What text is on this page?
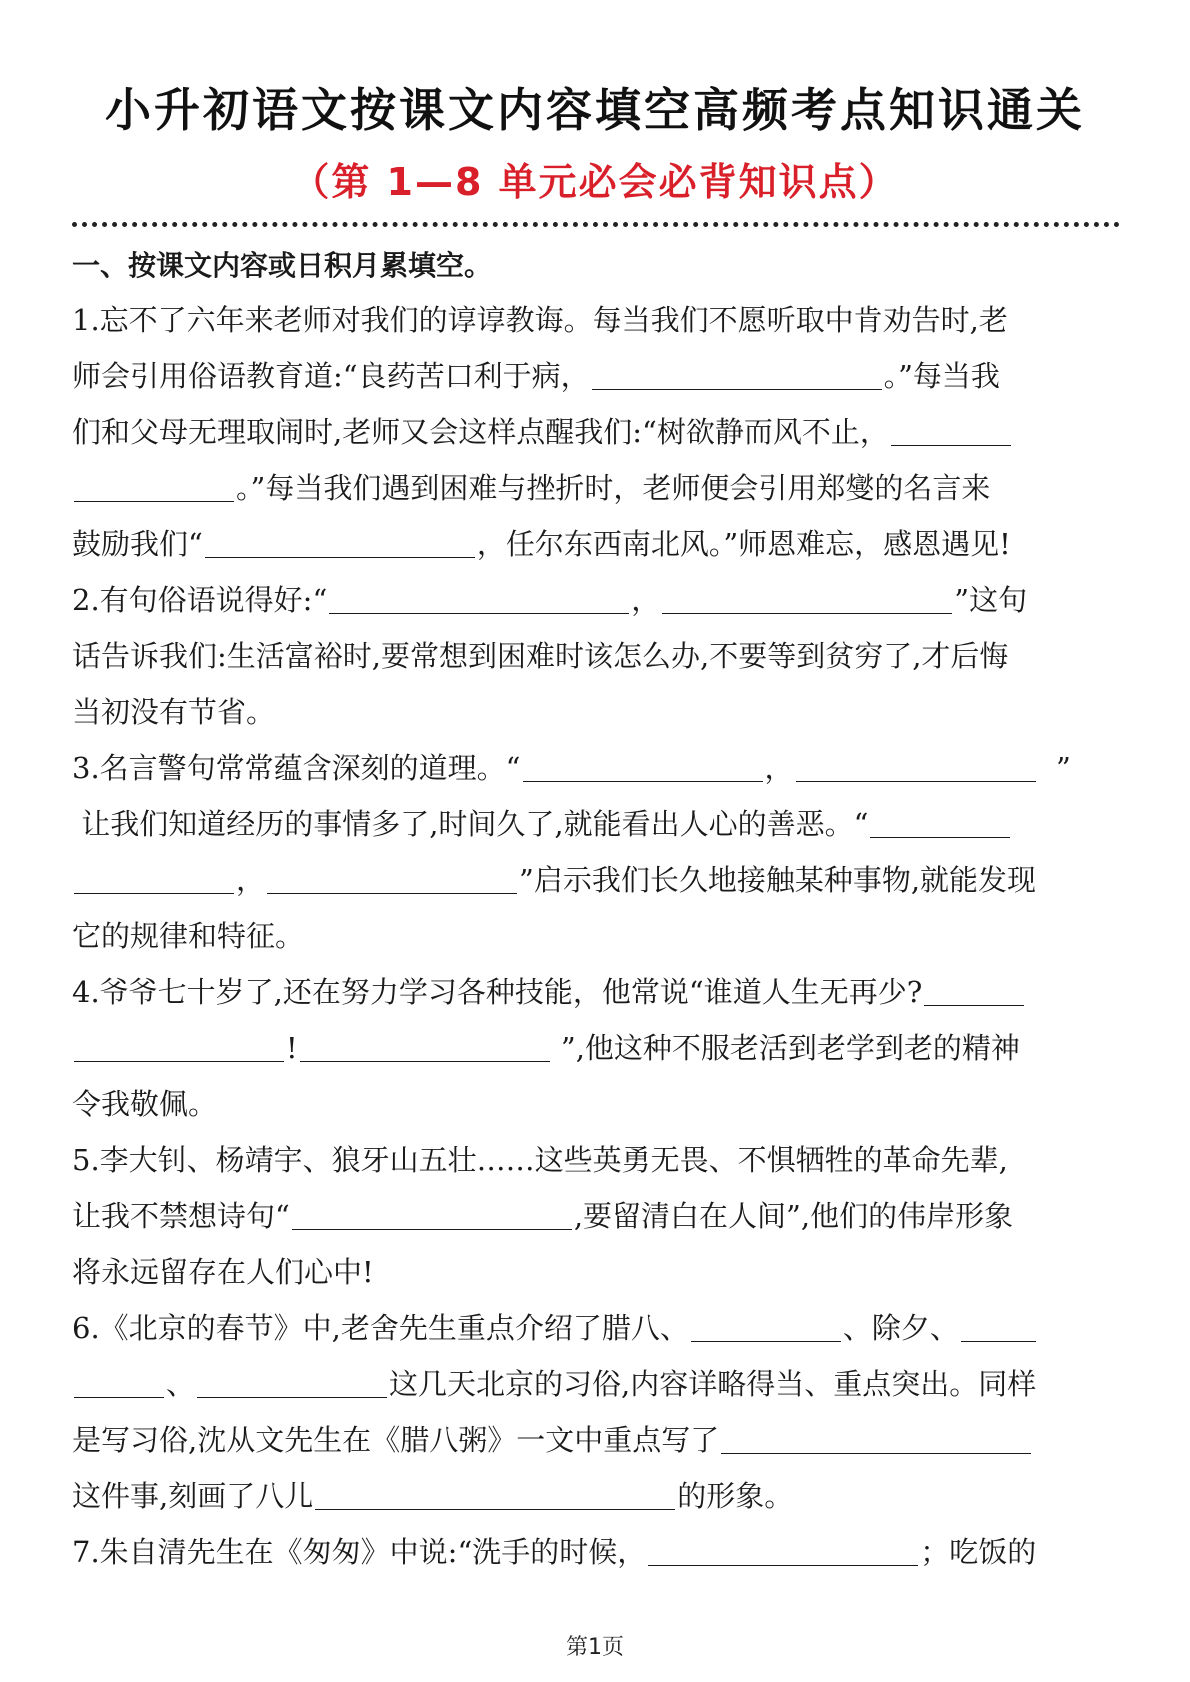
小升初语文按课文内容填空高频考点知识通关
（第 1—8 单元必会必背知识点）
一、按课文内容或日积月累填空。
1.忘不了六年来老师对我们的谆谆教诲。每当我们不愿听取中肯劝告时,老
师会引用俗语教育道:“良药苦口利于病，	。”每当我
们和父母无理取闹时,老师又会这样点醒我们:“树欲静而风不止，
。”每当我们遇到困难与挫折时，老师便会引用郑燮的名言来
鼓励我们“	，任尔东西南北风。”师恩难忘，感恩遇见!
2.有句俗语说得好:“	，	”这句
话告诉我们:生活富裕时,要常想到困难时该怎么办,不要等到贫穷了,才后悔
当初没有节省。
3.名言警句常常蕴含深刻的道理。“	，	”
让我们知道经历的事情多了,时间久了,就能看出人心的善恶。“
，	”启示我们长久地接触某种事物,就能发现
它的规律和特征。
4.爷爷七十岁了,还在努力学习各种技能，他常说“谁道人生无再少?
!	”,他这种不服老活到老学到老的精神
令我敬佩。
5.李大钊、杨靖宇、狼牙山五壮……这些英勇无畏、不惧牺牲的革命先辈,
让我不禁想诗句“	,要留清白在人间”,他们的伟岸形象
将永远留存在人们心中!
6.《北京的春节》中,老舍先生重点介绍了腊八、	、除夕、
、	这几天北京的习俗,内容详略得当、重点突出。同样
是写习俗,沈从文先生在《腊八粥》一文中重点写了
这件事,刻画了八儿	的形象。
7.朱自清先生在《匆匆》中说:“洗手的时候，	；吃饭的
第1页
